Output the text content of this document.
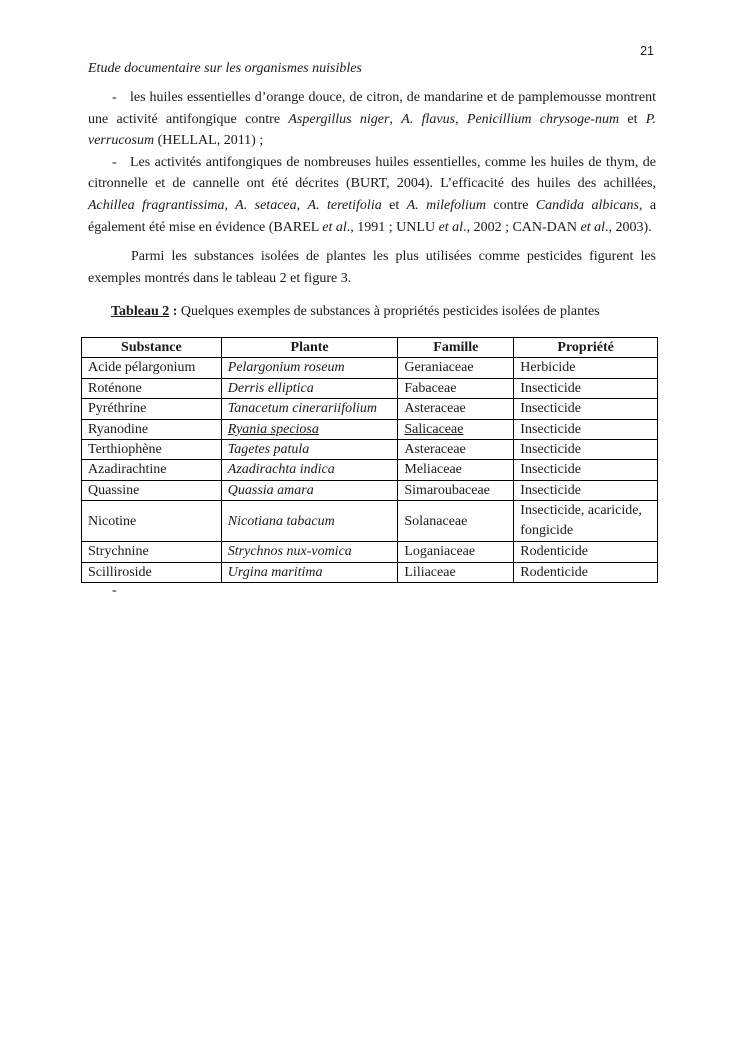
21
Etude documentaire sur les organismes nuisibles

- les huiles essentielles d’orange douce, de citron, de mandarine et de pamplemousse montrent une activité antifongique contre Aspergillus niger, A. flavus, Penicillium chrysoge-num et P. verrucosum (HELLAL, 2011) ;

- Les activités antifongiques de nombreuses huiles essentielles, comme les huiles de thym, de citronnelle et de cannelle ont été décrites (BURT, 2004). L’efficacité des huiles des achillées, Achillea fragrantissima, A. setacea, A. teretifolia et A. milefolium contre Candida albicans, a également été mise en évidence (BAREL et al., 1991 ; UNLU et al., 2002 ; CAN-DAN et al., 2003).

Parmi les substances isolées de plantes les plus utilisées comme pesticides figurent les exemples montrés dans le tableau 2 et figure 3.

Tableau 2 : Quelques exemples de substances à propriétés pesticides isolées de plantes
Substance	Plante	Famille	Propriété
Acide pélargonium	Pelargonium roseum	Geraniaceae	Herbicide
Roténone	Derris elliptica	Fabaceae	Insecticide
Pyréthrine	Tanacetum cinerariifolium	Asteraceae	Insecticide
Ryanodine	Ryania speciosa	Salicaceae	Insecticide
Terthiophène	Tagetes patula	Asteraceae	Insecticide
Azadirachtine	Azadirachta indica	Meliaceae	Insecticide
Quassine	Quassia amara	Simaroubaceae	Insecticide
Nicotine	Nicotiana tabacum	Solanaceae	Insecticide, acaricide, fongicide
Strychnine	Strychnos nux-vomica	Loganiaceae	Rodenticide
Scilliroside	Urgina maritima	Liliaceae	Rodenticide
-
